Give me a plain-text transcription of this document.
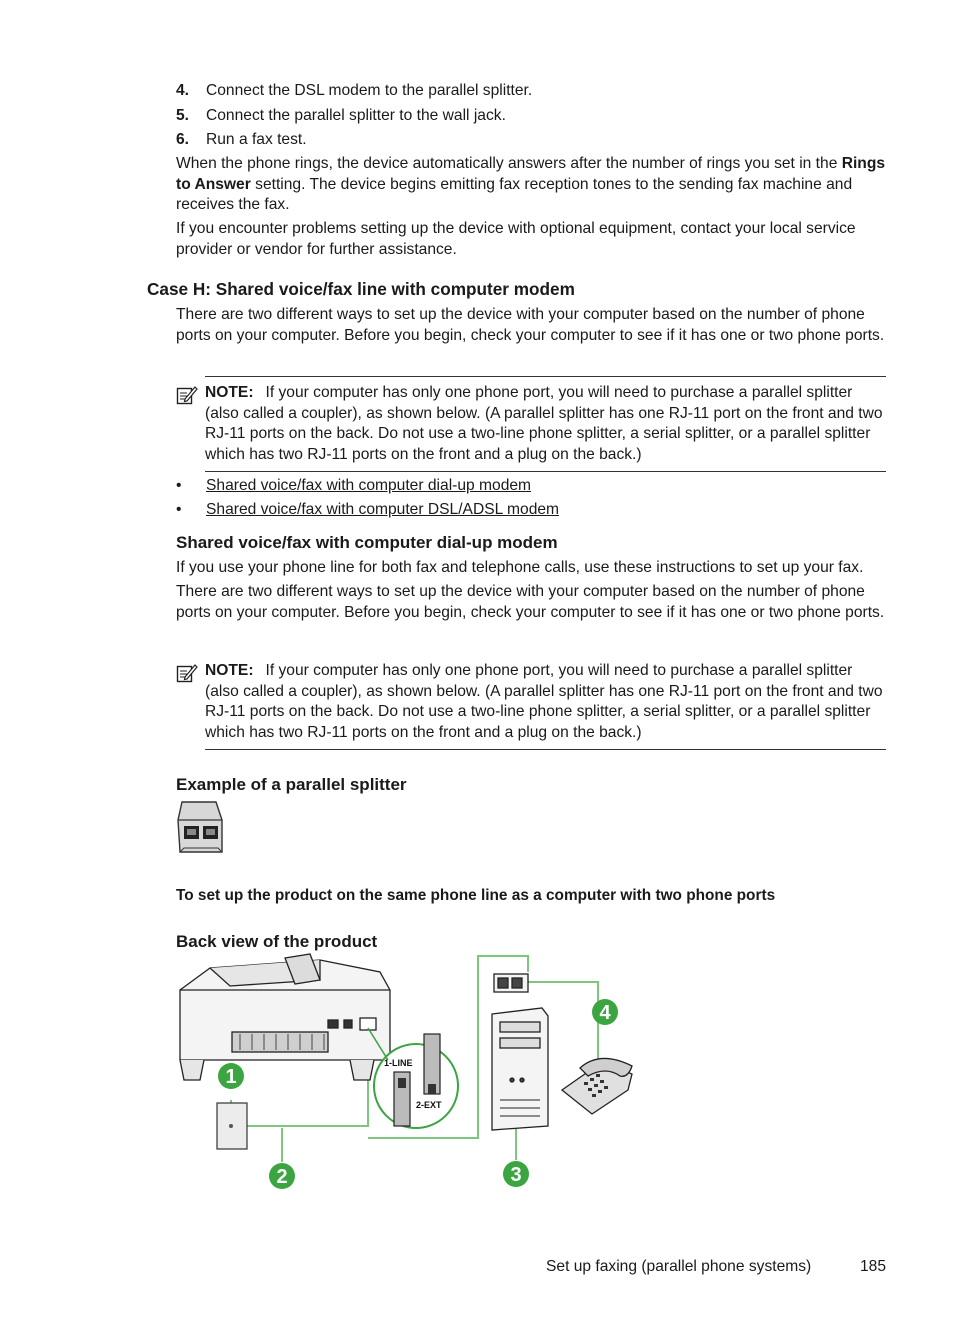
4.	Connect the DSL modem to the parallel splitter.
5.	Connect the parallel splitter to the wall jack.
6.	Run a fax test.

When the phone rings, the device automatically answers after the number of rings you set in the Rings to Answer setting. The device begins emitting fax reception tones to the sending fax machine and receives the fax.

If you encounter problems setting up the device with optional equipment, contact your local service provider or vendor for further assistance.

Case H: Shared voice/fax line with computer modem

There are two different ways to set up the device with your computer based on the number of phone ports on your computer. Before you begin, check your computer to see if it has one or two phone ports.

NOTE: If your computer has only one phone port, you will need to purchase a parallel splitter (also called a coupler), as shown below. (A parallel splitter has one RJ-11 port on the front and two RJ-11 ports on the back. Do not use a two-line phone splitter, a serial splitter, or a parallel splitter which has two RJ-11 ports on the front and a plug on the back.)
•	Shared voice/fax with computer dial-up modem
•	Shared voice/fax with computer DSL/ADSL modem
Shared voice/fax with computer dial-up modem

If you use your phone line for both fax and telephone calls, use these instructions to set up your fax.

There are two different ways to set up the device with your computer based on the number of phone ports on your computer. Before you begin, check your computer to see if it has one or two phone ports.

NOTE: If your computer has only one phone port, you will need to purchase a parallel splitter (also called a coupler), as shown below. (A parallel splitter has one RJ-11 port on the front and two RJ-11 ports on the back. Do not use a two-line phone splitter, a serial splitter, or a parallel splitter which has two RJ-11 ports on the front and a plug on the back.)
Example of a parallel splitter
To set up the product on the same phone line as a computer with two phone ports
Back view of the product
1-LINE
2-EXT
1
2	3
4
Set up faxing (parallel phone systems)	185
